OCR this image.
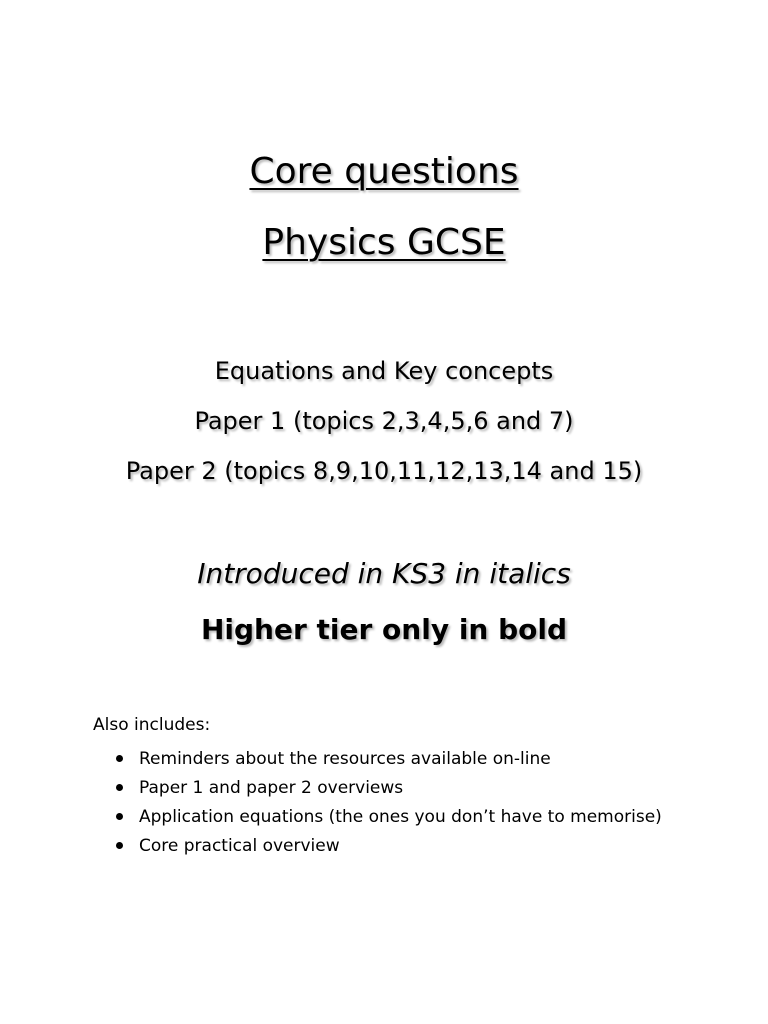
Core questions
Physics GCSE

Equations and Key concepts

Paper 1 (topics 2,3,4,5,6 and 7)

Paper 2 (topics 8,9,10,11,12,13,14 and 15)

Introduced in KS3 in italics

Higher tier only in bold

Also includes:

Reminders about the resources available on-line
Paper 1 and paper 2 overviews
Application equations (the ones you don’t have to memorise)
Core practical overview
